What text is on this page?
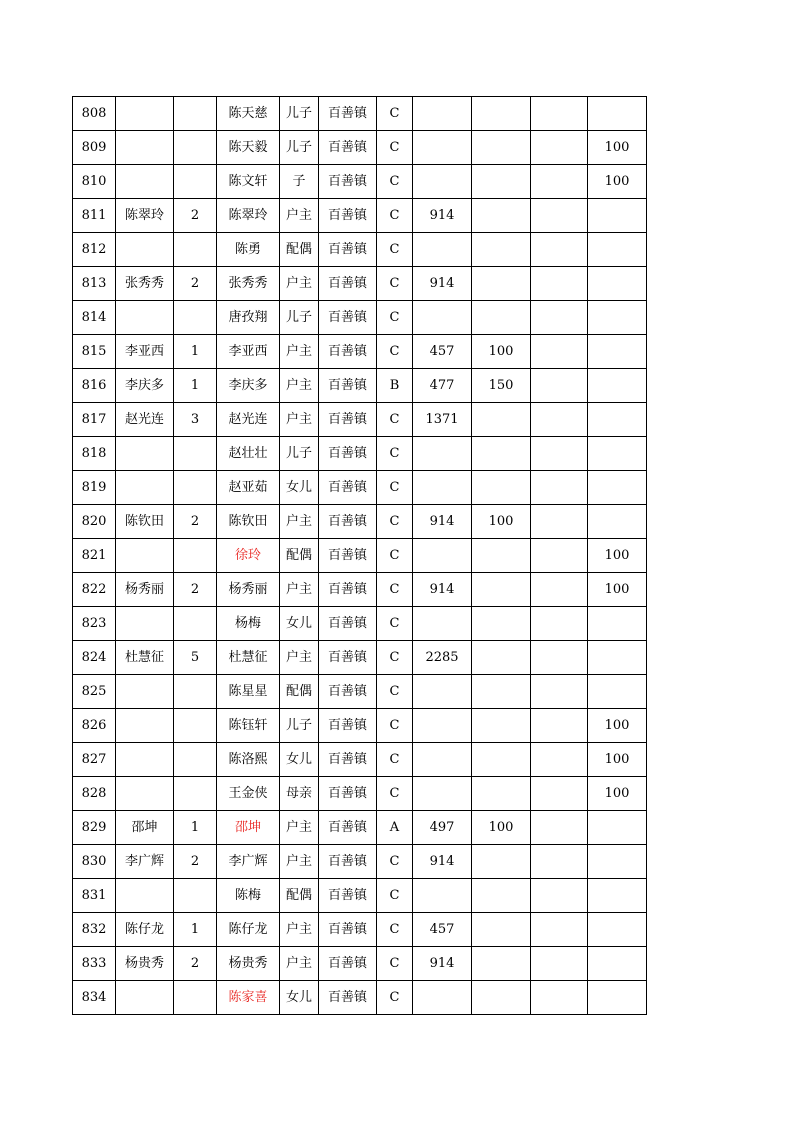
808			陈天慈	儿子	百善镇	C				
809			陈天毅	儿子	百善镇	C				100
810			陈文轩	子	百善镇	C				100
811	陈翠玲	2	陈翠玲	户主	百善镇	C	914			
812			陈勇	配偶	百善镇	C				
813	张秀秀	2	张秀秀	户主	百善镇	C	914			
814			唐孜翔	儿子	百善镇	C				
815	李亚西	1	李亚西	户主	百善镇	C	457	100		
816	李庆多	1	李庆多	户主	百善镇	B	477	150		
817	赵光连	3	赵光连	户主	百善镇	C	1371			
818			赵壮壮	儿子	百善镇	C				
819			赵亚茹	女儿	百善镇	C				
820	陈钦田	2	陈钦田	户主	百善镇	C	914	100		
821			徐玲	配偶	百善镇	C				100
822	杨秀丽	2	杨秀丽	户主	百善镇	C	914			100
823			杨梅	女儿	百善镇	C				
824	杜慧征	5	杜慧征	户主	百善镇	C	2285			
825			陈星星	配偶	百善镇	C				
826			陈钰轩	儿子	百善镇	C				100
827			陈洛熙	女儿	百善镇	C				100
828			王金侠	母亲	百善镇	C				100
829	邵坤	1	邵坤	户主	百善镇	A	497	100		
830	李广辉	2	李广辉	户主	百善镇	C	914			
831			陈梅	配偶	百善镇	C				
832	陈仔龙	1	陈仔龙	户主	百善镇	C	457			
833	杨贵秀	2	杨贵秀	户主	百善镇	C	914			
834			陈家喜	女儿	百善镇	C				
